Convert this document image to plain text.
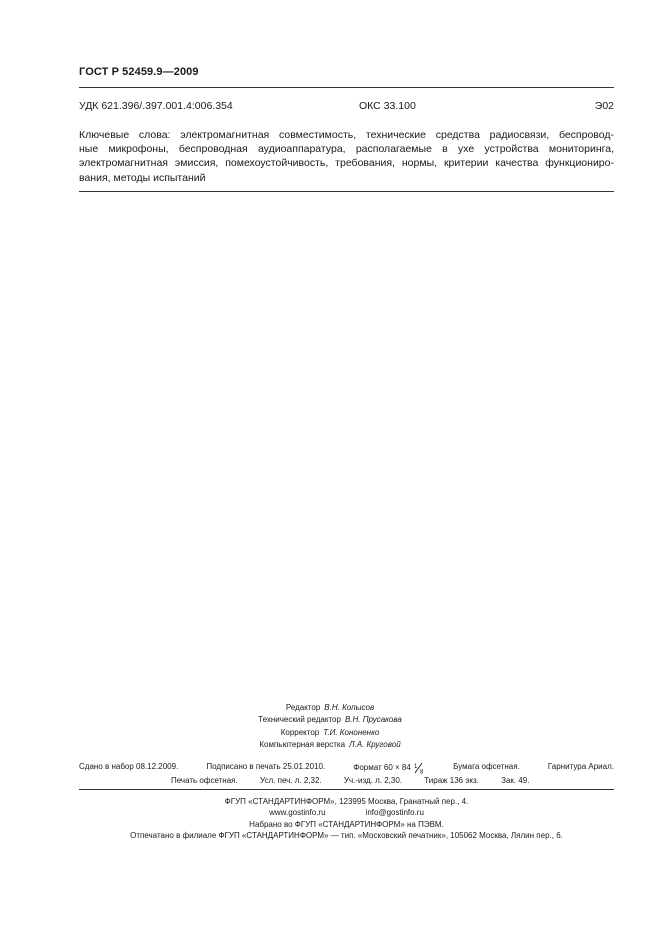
ГОСТ Р 52459.9—2009
УДК 621.396/.397.001.4:006.354	ОКС 33.100	Э02
Ключевые слова: электромагнитная совместимость, технические средства радиосвязи, беспровод-
ные микрофоны, беспроводная аудиоаппаратура, располагаемые в ухе устройства мониторинга,
электромагнитная эмиссия, помехоустойчивость, требования, нормы, критерии качества функциониро-
вания, методы испытаний
Редактор В.Н. Копысов
Технический редактор В.Н. Прусакова
Корректор Т.И. Кононенко
Компьютерная верстка Л.А. Круговой
Сдано в набор 08.12.2009.	Подписано в печать 25.01.2010.	Формат 60 × 84 1
8
Бумага офсетная.	Гарнитура Ариал.
Печать офсетная.	Усл. печ. л. 2,32.	Уч.-изд. л. 2,30.	Тираж 136 экз.	Зак. 49.
ФГУП «СТАНДАРТИНФОРМ», 123995 Москва, Гранатный пер., 4.
www.gostinfo.ru	info@gostinfo.ru
Набрано во ФГУП «СТАНДАРТИНФОРМ» на ПЭВМ.
Отпечатано в филиале ФГУП «СТАНДАРТИНФОРМ» — тип. «Московский печатник», 105062 Москва, Лялин пер., 6.
